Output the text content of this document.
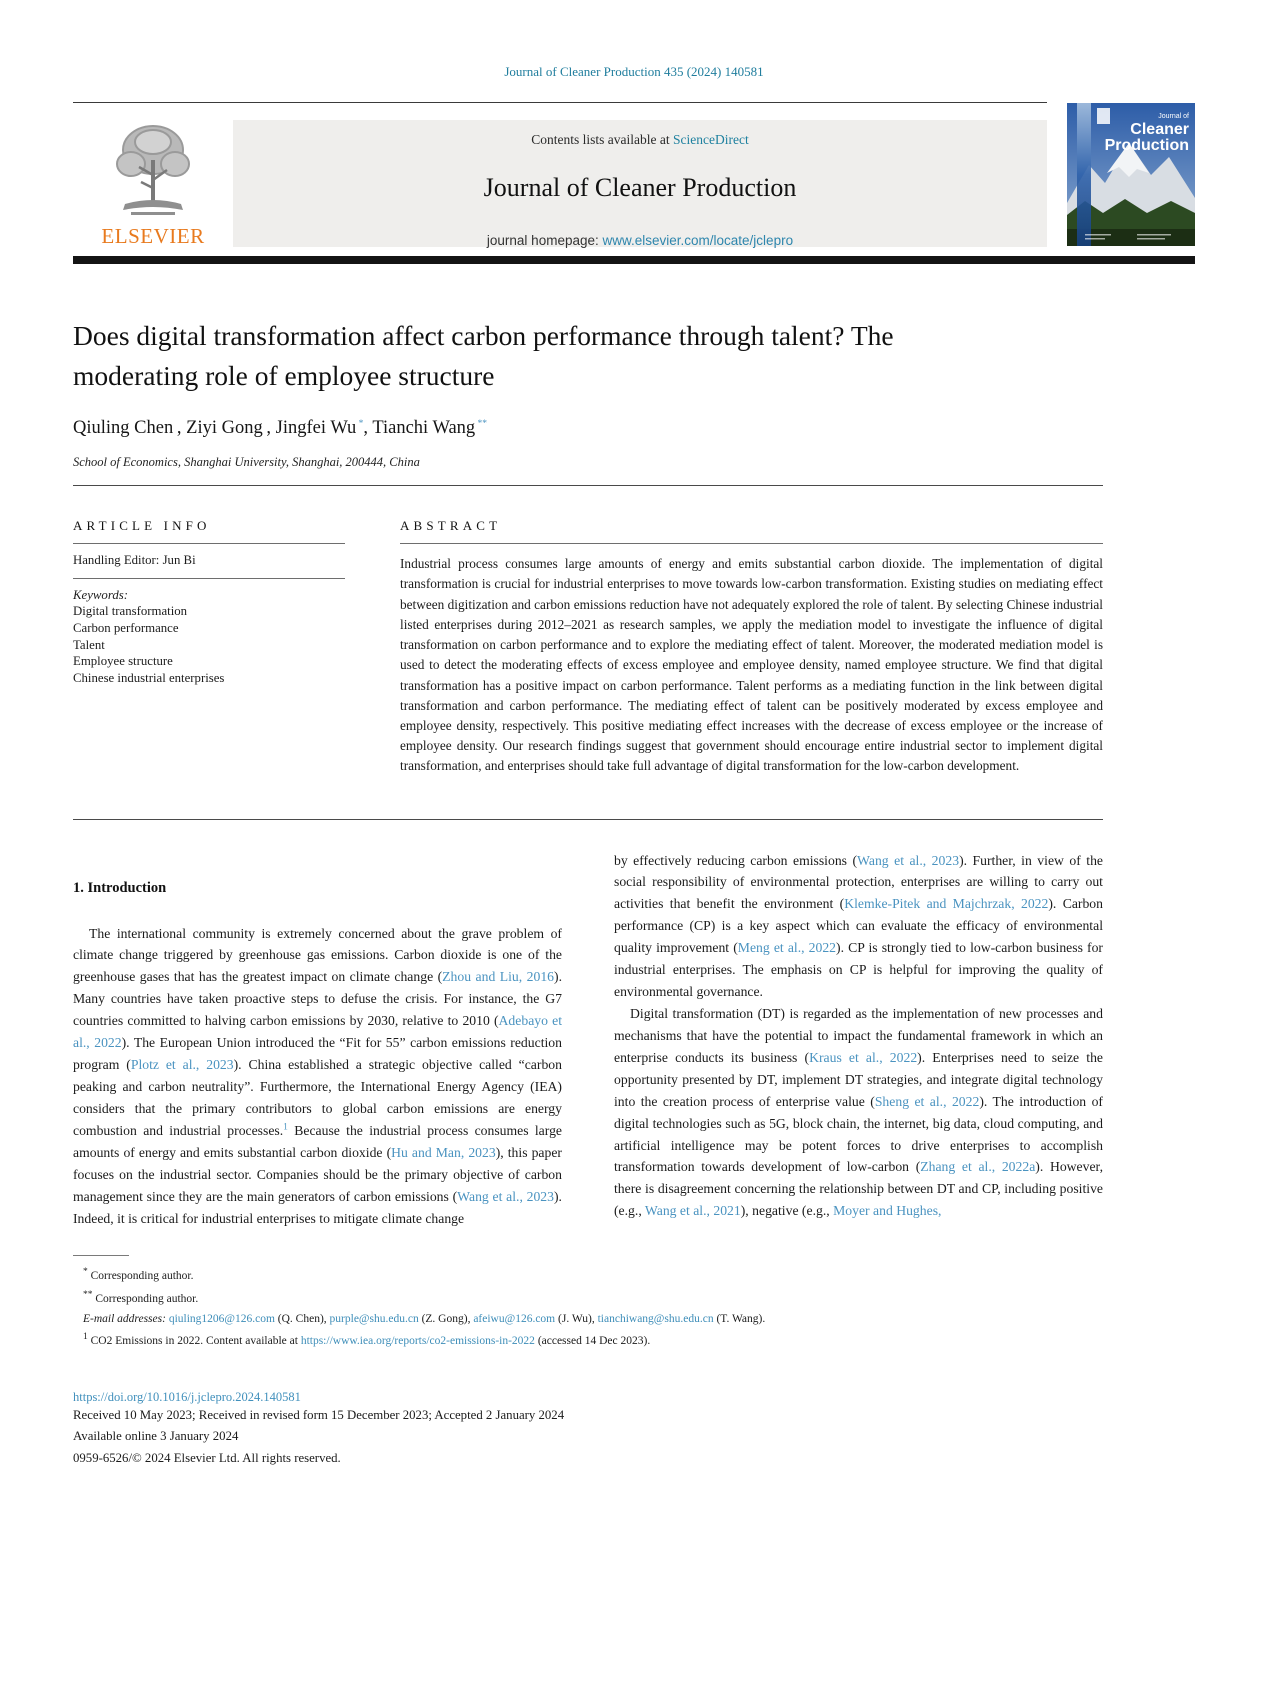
Journal of Cleaner Production 435 (2024) 140581
ELSEVIER
Contents lists available at ScienceDirect
Journal of Cleaner Production
journal homepage: www.elsevier.com/locate/jclepro
Journal of
Cleaner
Production
Does digital transformation affect carbon performance through talent? The moderating role of employee structure
Qiuling Chen , Ziyi Gong , Jingfei Wu *, Tianchi Wang **
School of Economics, Shanghai University, Shanghai, 200444, China
ARTICLE INFO
Handling Editor: Jun Bi
Keywords:
Digital transformation
Carbon performance
Talent
Employee structure
Chinese industrial enterprises
ABSTRACT
Industrial process consumes large amounts of energy and emits substantial carbon dioxide. The implementation of digital transformation is crucial for industrial enterprises to move towards low-carbon transformation. Existing studies on mediating effect between digitization and carbon emissions reduction have not adequately explored the role of talent. By selecting Chinese industrial listed enterprises during 2012–2021 as research samples, we apply the mediation model to investigate the influence of digital transformation on carbon performance and to explore the mediating effect of talent. Moreover, the moderated mediation model is used to detect the moderating effects of excess employee and employee density, named employee structure. We find that digital transformation has a positive impact on carbon performance. Talent performs as a mediating function in the link between digital transformation and carbon performance. The mediating effect of talent can be positively moderated by excess employee and employee density, respectively. This positive mediating effect increases with the decrease of excess employee or the increase of employee density. Our research findings suggest that government should encourage entire industrial sector to implement digital transformation, and enterprises should take full advantage of digital transformation for the low-carbon development.
1. Introduction
The international community is extremely concerned about the grave problem of climate change triggered by greenhouse gas emissions. Carbon dioxide is one of the greenhouse gases that has the greatest impact on climate change (Zhou and Liu, 2016). Many countries have taken proactive steps to defuse the crisis. For instance, the G7 countries committed to halving carbon emissions by 2030, relative to 2010 (Adebayo et al., 2022). The European Union introduced the “Fit for 55” carbon emissions reduction program (Plotz et al., 2023). China established a strategic objective called “carbon peaking and carbon neutrality”. Furthermore, the International Energy Agency (IEA) considers that the primary contributors to global carbon emissions are energy combustion and industrial processes.$^1$ Because the industrial process consumes large amounts of energy and emits substantial carbon dioxide (Hu and Man, 2023), this paper focuses on the industrial sector. Companies should be the primary objective of carbon management since they are the main generators of carbon emissions (Wang et al., 2023). Indeed, it is critical for industrial enterprises to mitigate climate change
by effectively reducing carbon emissions (Wang et al., 2023). Further, in view of the social responsibility of environmental protection, enterprises are willing to carry out activities that benefit the environment (Klemke-Pitek and Majchrzak, 2022). Carbon performance (CP) is a key aspect which can evaluate the efficacy of environmental quality improvement (Meng et al., 2022). CP is strongly tied to low-carbon business for industrial enterprises. The emphasis on CP is helpful for improving the quality of environmental governance.
Digital transformation (DT) is regarded as the implementation of new processes and mechanisms that have the potential to impact the fundamental framework in which an enterprise conducts its business (Kraus et al., 2022). Enterprises need to seize the opportunity presented by DT, implement DT strategies, and integrate digital technology into the creation process of enterprise value (Sheng et al., 2022). The introduction of digital technologies such as 5G, block chain, the internet, big data, cloud computing, and artificial intelligence may be potent forces to drive enterprises to accomplish transformation towards development of low-carbon (Zhang et al., 2022a). However, there is disagreement concerning the relationship between DT and CP, including positive (e.g., Wang et al., 2021), negative (e.g., Moyer and Hughes,
* Corresponding author.
** Corresponding author.
E-mail addresses: qiuling1206@126.com (Q. Chen), purple@shu.edu.cn (Z. Gong), afeiwu@126.com (J. Wu), tianchiwang@shu.edu.cn (T. Wang).
$^1$ CO2 Emissions in 2022. Content available at https://www.iea.org/reports/co2-emissions-in-2022 (accessed 14 Dec 2023).
https://doi.org/10.1016/j.jclepro.2024.140581
Received 10 May 2023; Received in revised form 15 December 2023; Accepted 2 January 2024
Available online 3 January 2024
0959-6526/© 2024 Elsevier Ltd. All rights reserved.
